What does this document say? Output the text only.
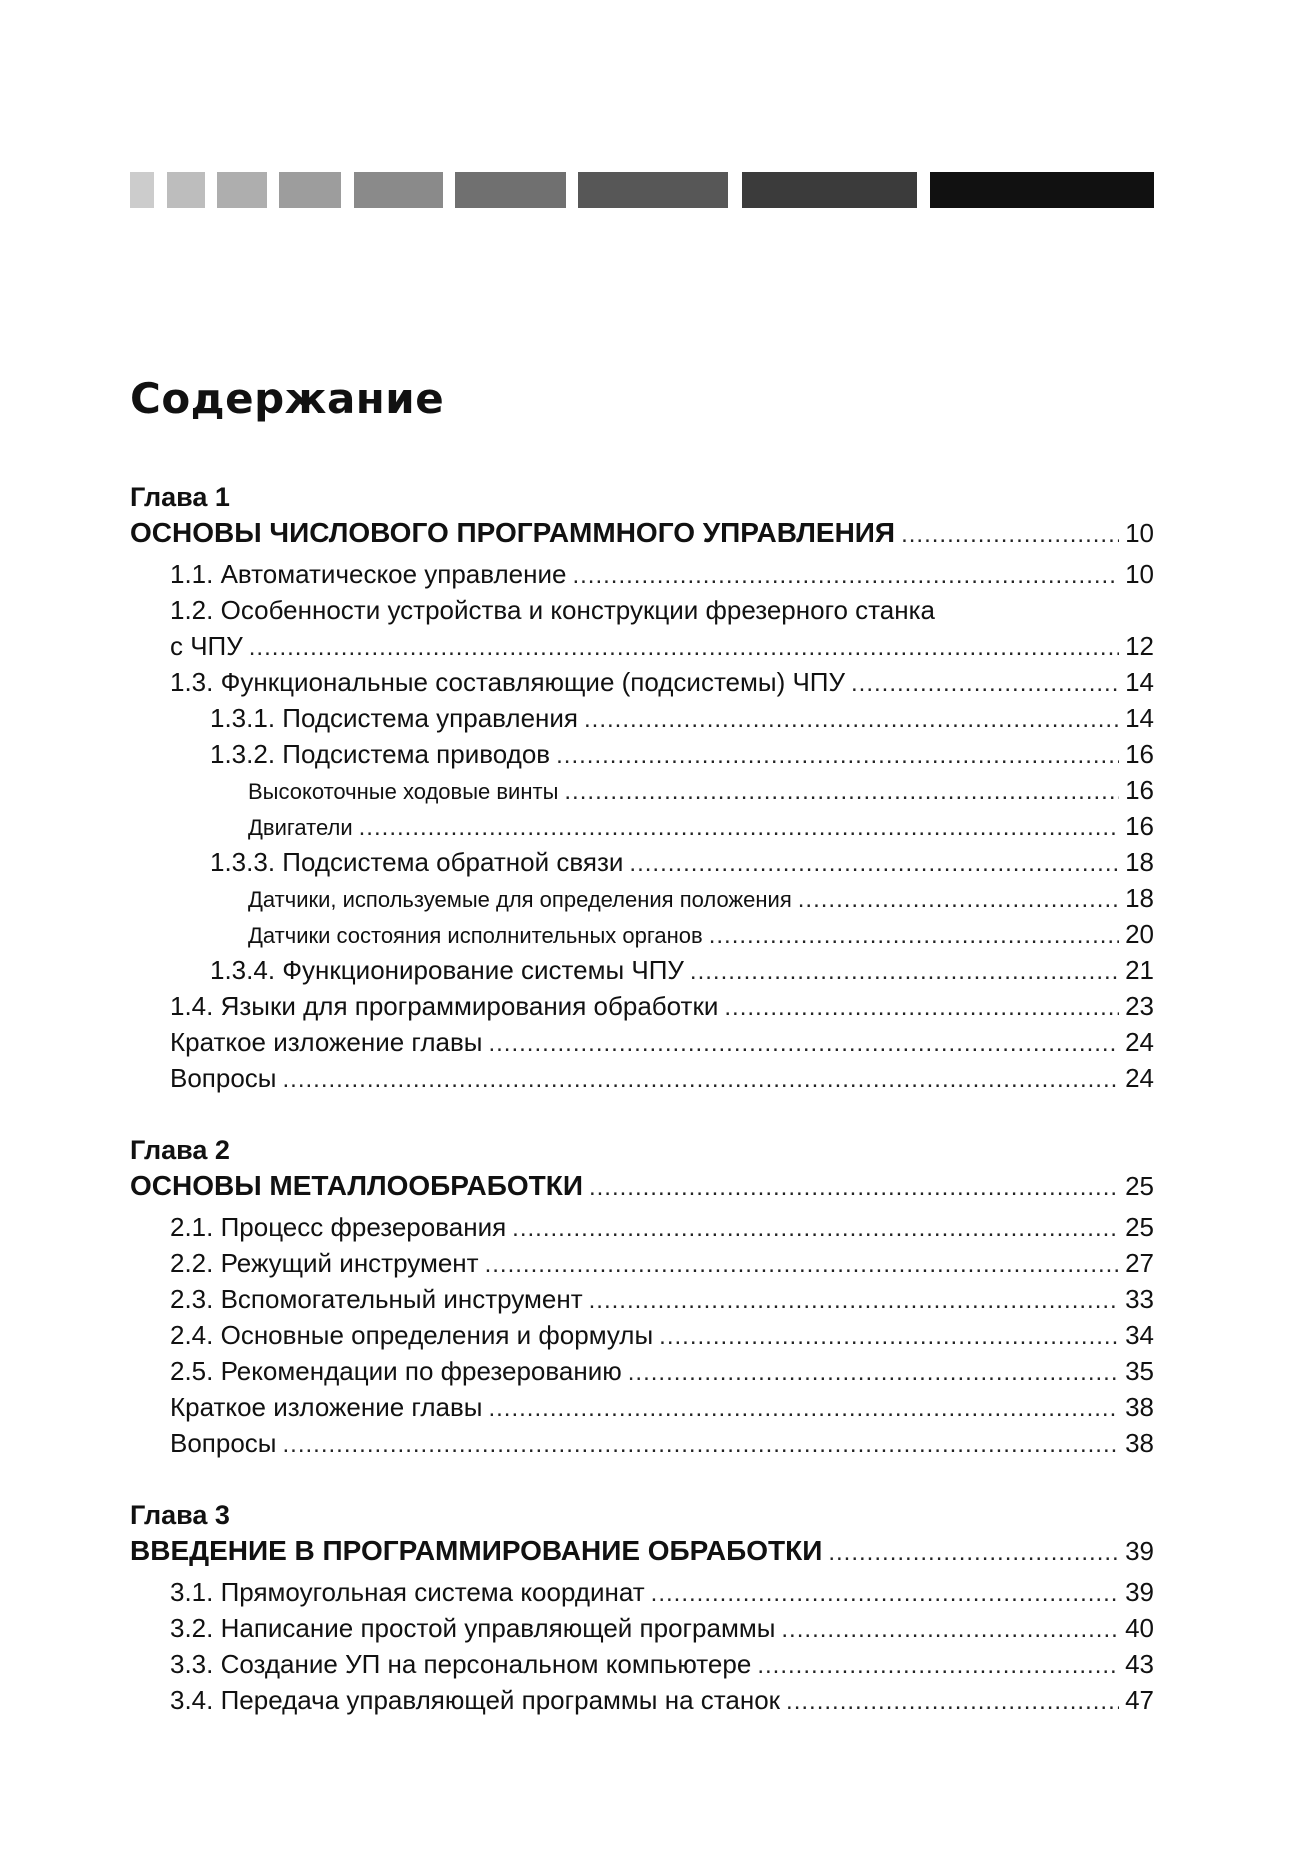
Содержание
Глава 1
ОСНОВЫ ЧИСЛОВОГО ПРОГРАММНОГО УПРАВЛЕНИЯ .....	10
1.1. Автоматическое управление .....	10
1.2. Особенности устройства и конструкции фрезерного станка
с ЧПУ .....	12
1.3. Функциональные составляющие (подсистемы) ЧПУ .....	14
1.3.1. Подсистема управления .....	14
1.3.2. Подсистема приводов .....	16
Высокоточные ходовые винты .....	16
Двигатели .....	16
1.3.3. Подсистема обратной связи .....	18
Датчики, используемые для определения положения .....	18
Датчики состояния исполнительных органов .....	20
1.3.4. Функционирование системы ЧПУ .....	21
1.4. Языки для программирования обработки .....	23
Краткое изложение главы .....	24
Вопросы .....	24
Глава 2
ОСНОВЫ МЕТАЛЛООБРАБОТКИ .....	25
2.1. Процесс фрезерования .....	25
2.2. Режущий инструмент .....	27
2.3. Вспомогательный инструмент .....	33
2.4. Основные определения и формулы .....	34
2.5. Рекомендации по фрезерованию .....	35
Краткое изложение главы .....	38
Вопросы .....	38
Глава 3
ВВЕДЕНИЕ В ПРОГРАММИРОВАНИЕ ОБРАБОТКИ .....	39
3.1. Прямоугольная система координат .....	39
3.2. Написание простой управляющей программы .....	40
3.3. Создание УП на персональном компьютере .....	43
3.4. Передача управляющей программы на станок .....	47
